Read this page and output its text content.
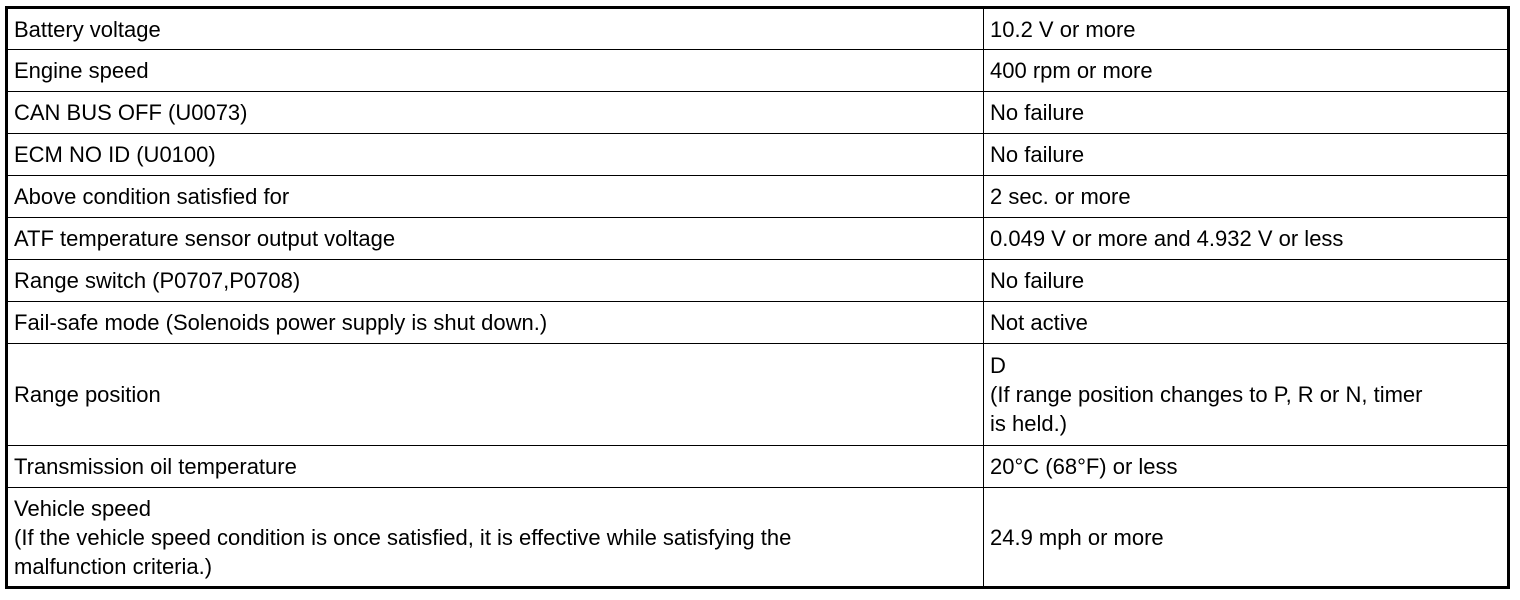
Battery voltage	10.2 V or more
Engine speed	400 rpm or more
CAN BUS OFF (U0073)	No failure
ECM NO ID (U0100)	No failure
Above condition satisfied for	2 sec. or more
ATF temperature sensor output voltage	0.049 V or more and 4.932 V or less
Range switch (P0707,P0708)	No failure
Fail-safe mode (Solenoids power supply is shut down.)	Not active
Range position	D
(If range position changes to P, R or N, timer
is held.)
Transmission oil temperature	20°C (68°F) or less
Vehicle speed
(If the vehicle speed condition is once satisfied, it is effective while satisfying the
malfunction criteria.)	24.9 mph or more
